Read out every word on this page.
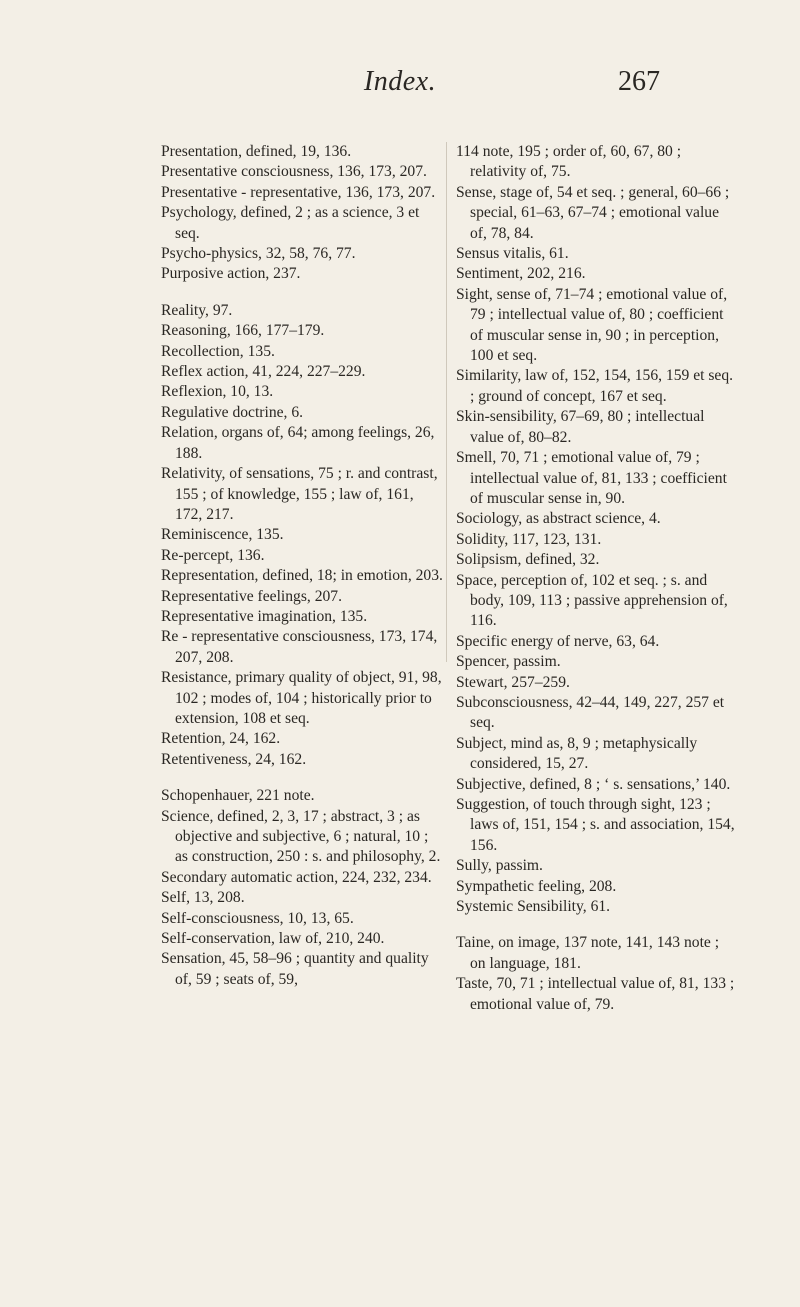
Index.	267

Presentation, defined, 19, 136.

Presentative consciousness, 136, 173, 207.

Presentative - representative, 136, 173, 207.

Psychology, defined, 2 ; as a science, 3 et seq.

Psycho-physics, 32, 58, 76, 77.

Purposive action, 237.

Reality, 97.

Reasoning, 166, 177–179.

Recollection, 135.

Reflex action, 41, 224, 227–229.

Reflexion, 10, 13.

Regulative doctrine, 6.

Relation, organs of, 64; among feelings, 26, 188.

Relativity, of sensations, 75 ; r. and contrast, 155 ; of knowledge, 155 ; law of, 161, 172, 217.

Reminiscence, 135.

Re-percept, 136.

Representation, defined, 18; in emotion, 203.

Representative feelings, 207.

Representative imagination, 135.

Re - representative consciousness, 173, 174, 207, 208.

Resistance, primary quality of object, 91, 98, 102 ; modes of, 104 ; historically prior to extension, 108 et seq.

Retention, 24, 162.

Retentiveness, 24, 162.

Schopenhauer, 221 note.

Science, defined, 2, 3, 17 ; abstract, 3 ; as objective and subjective, 6 ; natural, 10 ; as construction, 250 : s. and philosophy, 2.

Secondary automatic action, 224, 232, 234.

Self, 13, 208.

Self-consciousness, 10, 13, 65.

Self-conservation, law of, 210, 240.

Sensation, 45, 58–96 ; quantity and quality of, 59 ; seats of, 59,

114 note, 195 ; order of, 60, 67, 80 ; relativity of, 75.

Sense, stage of, 54 et seq. ; general, 60–66 ; special, 61–63, 67–74 ; emotional value of, 78, 84.

Sensus vitalis, 61.

Sentiment, 202, 216.

Sight, sense of, 71–74 ; emotional value of, 79 ; intellectual value of, 80 ; coefficient of muscular sense in, 90 ; in perception, 100 et seq.

Similarity, law of, 152, 154, 156, 159 et seq. ; ground of concept, 167 et seq.

Skin-sensibility, 67–69, 80 ; intellectual value of, 80–82.

Smell, 70, 71 ; emotional value of, 79 ; intellectual value of, 81, 133 ; coefficient of muscular sense in, 90.

Sociology, as abstract science, 4.

Solidity, 117, 123, 131.

Solipsism, defined, 32.

Space, perception of, 102 et seq. ; s. and body, 109, 113 ; passive apprehension of, 116.

Specific energy of nerve, 63, 64.

Spencer, passim.

Stewart, 257–259.

Subconsciousness, 42–44, 149, 227, 257 et seq.

Subject, mind as, 8, 9 ; metaphysically considered, 15, 27.

Subjective, defined, 8 ; ‘ s. sensations,’ 140.

Suggestion, of touch through sight, 123 ; laws of, 151, 154 ; s. and association, 154, 156.

Sully, passim.

Sympathetic feeling, 208.

Systemic Sensibility, 61.

Taine, on image, 137 note, 141, 143 note ; on language, 181.

Taste, 70, 71 ; intellectual value of, 81, 133 ; emotional value of, 79.
